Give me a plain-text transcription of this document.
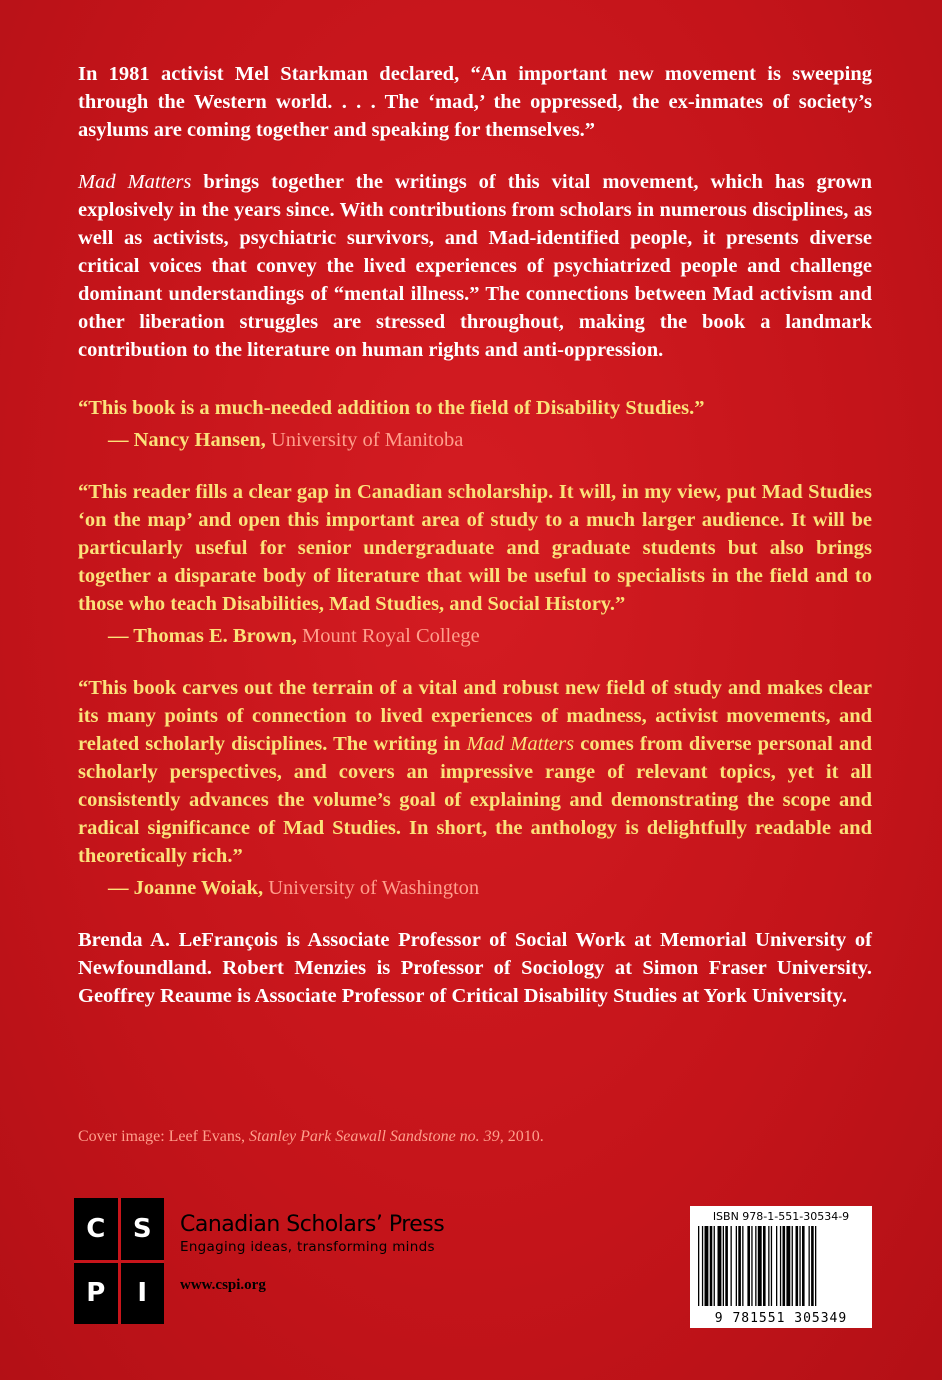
In 1981 activist Mel Starkman declared, “An important new movement is sweeping through the Western world. . . . The ‘mad,’ the oppressed, the ex-inmates of society’s asylums are coming together and speaking for themselves.”

Mad Matters brings together the writings of this vital movement, which has grown explosively in the years since. With contributions from scholars in numerous disciplines, as well as activists, psychiatric survivors, and Mad-identified people, it presents diverse critical voices that convey the lived experiences of psychiatrized people and challenge dominant understandings of “mental illness.” The connections between Mad activism and other liberation struggles are stressed throughout, making the book a landmark contribution to the literature on human rights and anti-oppression.

“This book is a much-needed addition to the field of Disability Studies.”

— Nancy Hansen, University of Manitoba

“This reader fills a clear gap in Canadian scholarship. It will, in my view, put Mad Studies ‘on the map’ and open this important area of study to a much larger audience. It will be particularly useful for senior undergraduate and graduate students but also brings together a disparate body of literature that will be useful to specialists in the field and to those who teach Disabilities, Mad Studies, and Social History.”

— Thomas E. Brown, Mount Royal College

“This book carves out the terrain of a vital and robust new field of study and makes clear its many points of connection to lived experiences of madness, activist movements, and related scholarly disciplines. The writing in Mad Matters comes from diverse personal and scholarly perspectives, and covers an impressive range of relevant topics, yet it all consistently advances the volume’s goal of explaining and demonstrating the scope and radical significance of Mad Studies. In short, the anthology is delightfully readable and theoretically rich.”

— Joanne Woiak, University of Washington

Brenda A. LeFrançois is Associate Professor of Social Work at Memorial University of Newfoundland. Robert Menzies is Professor of Sociology at Simon Fraser University. Geoffrey Reaume is Associate Professor of Critical Disability Studies at York University.

Cover image: Leef Evans, Stanley Park Seawall Sandstone no. 39, 2010.
C	S
P	I
Canadian Scholars’ Press
Engaging ideas, transforming minds
www.cspi.org
ISBN 978-1-551-30534-9
9 781551 305349
